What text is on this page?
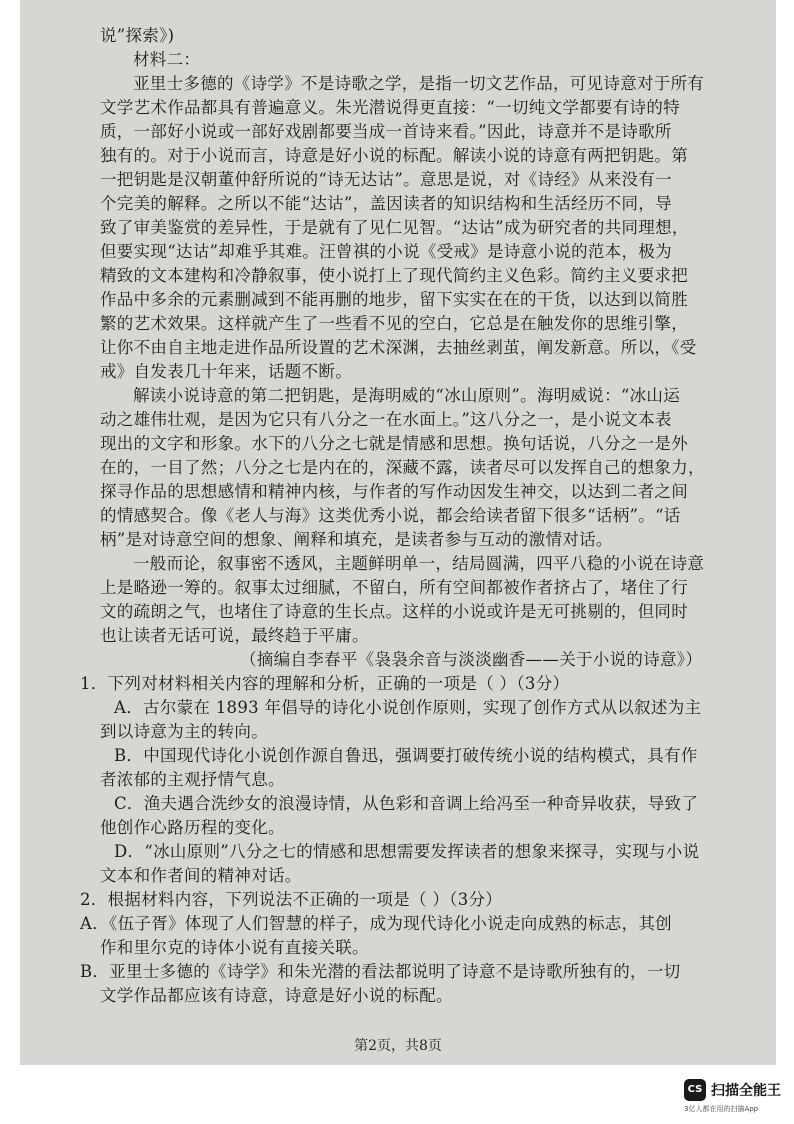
说”探索》)
材料二：
亚里士多德的《诗学》不是诗歌之学，是指一切文艺作品，可见诗意对于所有
文学艺术作品都具有普遍意义。朱光潜说得更直接：“一切纯文学都要有诗的特
质，一部好小说或一部好戏剧都要当成一首诗来看。”因此，诗意并不是诗歌所
独有的。对于小说而言，诗意是好小说的标配。解读小说的诗意有两把钥匙。第
一把钥匙是汉朝董仲舒所说的“诗无达诂”。意思是说，对《诗经》从来没有一
个完美的解释。之所以不能“达诂”，盖因读者的知识结构和生活经历不同，导
致了审美鉴赏的差异性，于是就有了见仁见智。“达诂”成为研究者的共同理想，
但要实现“达诂”却难乎其难。汪曾祺的小说《受戒》是诗意小说的范本，极为
精致的文本建构和冷静叙事，使小说打上了现代简约主义色彩。简约主义要求把
作品中多余的元素删减到不能再删的地步，留下实实在在的干货，以达到以简胜
繁的艺术效果。这样就产生了一些看不见的空白，它总是在触发你的思维引擎，
让你不由自主地走进作品所设置的艺术深渊，去抽丝剥茧，阐发新意。所以，《受
戒》自发表几十年来，话题不断。
解读小说诗意的第二把钥匙，是海明威的“冰山原则”。海明威说：“冰山运
动之雄伟壮观，是因为它只有八分之一在水面上。”这八分之一，是小说文本表
现出的文字和形象。水下的八分之七就是情感和思想。换句话说，八分之一是外
在的，一目了然；八分之七是内在的，深藏不露，读者尽可以发挥自己的想象力，
探寻作品的思想感情和精神内核，与作者的写作动因发生神交，以达到二者之间
的情感契合。像《老人与海》这类优秀小说，都会给读者留下很多“话柄”。“话
柄”是对诗意空间的想象、阐释和填充，是读者参与互动的激情对话。
一般而论，叙事密不透风，主题鲜明单一，结局圆满，四平八稳的小说在诗意
上是略逊一筹的。叙事太过细腻，不留白，所有空间都被作者挤占了，堵住了行
文的疏朗之气，也堵住了诗意的生长点。这样的小说或许是无可挑剔的，但同时
也让读者无话可说，最终趋于平庸。
（摘编自李春平《袅袅余音与淡淡幽香——关于小说的诗意》）
1．下列对材料相关内容的理解和分析，正确的一项是（ ）（3分）
A．古尔蒙在 1893 年倡导的诗化小说创作原则，实现了创作方式从以叙述为主
到以诗意为主的转向。
B．中国现代诗化小说创作源自鲁迅，强调要打破传统小说的结构模式，具有作
者浓郁的主观抒情气息。
C．渔夫遇合洗纱女的浪漫诗情，从色彩和音调上给冯至一种奇异收获，导致了
他创作心路历程的变化。
D．“冰山原则”八分之七的情感和思想需要发挥读者的想象来探寻，实现与小说
文本和作者间的精神对话。
2．根据材料内容，下列说法不正确的一项是（ ）（3分）
A．《伍子胥》体现了人们智慧的样子，成为现代诗化小说走向成熟的标志，其创
作和里尔克的诗体小说有直接关联。
B．亚里士多德的《诗学》和朱光潜的看法都说明了诗意不是诗歌所独有的，一切
文学作品都应该有诗意，诗意是好小说的标配。
第2页，共8页
CS 扫描全能王
3亿人都在用的扫描App
